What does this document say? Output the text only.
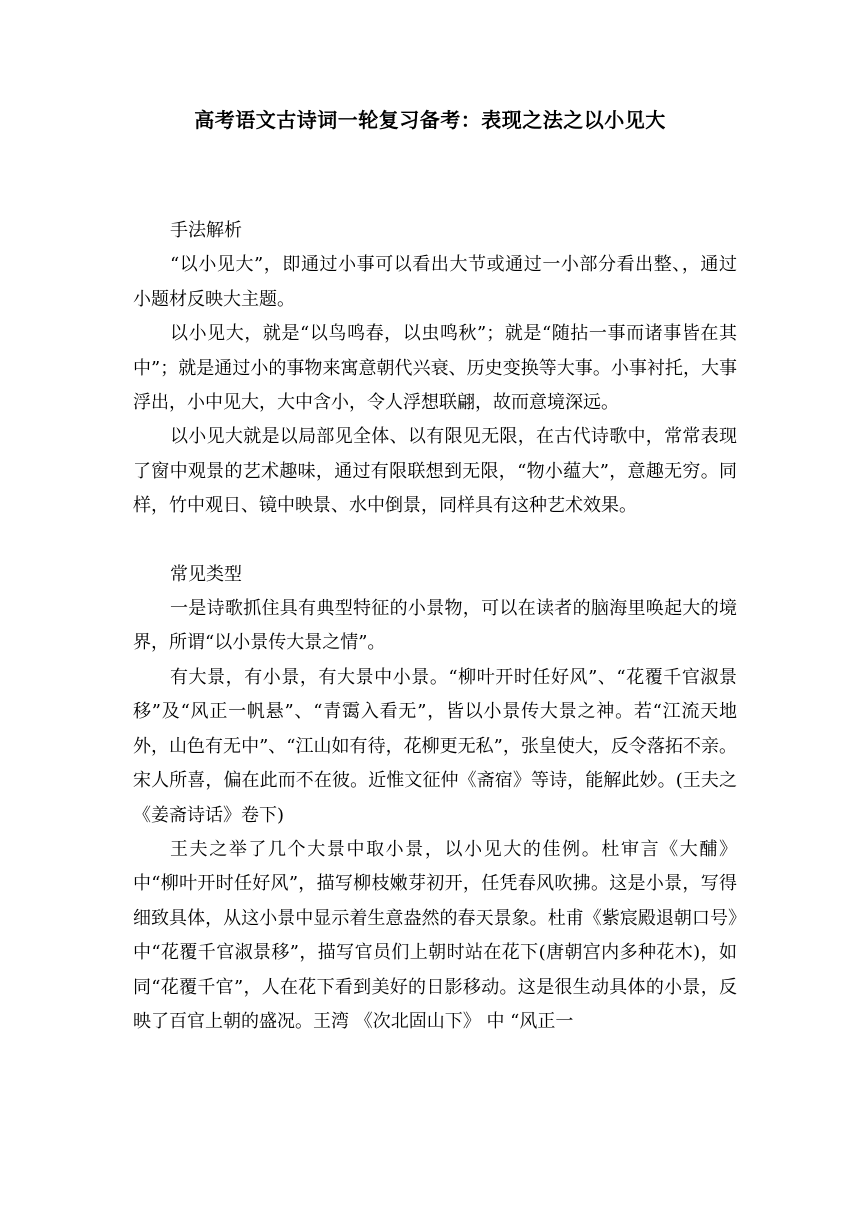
高考语文古诗词一轮复习备考：表现之法之以小见大

手法解析

“以小见大”，即通过小事可以看出大节或通过一小部分看出整、，通过小题材反映大主题。

以小见大，就是“以鸟鸣春，以虫鸣秋”；就是“随拈一事而诸事皆在其中”；就是通过小的事物来寓意朝代兴衰、历史变换等大事。小事衬托，大事浮出，小中见大，大中含小，令人浮想联翩，故而意境深远。

以小见大就是以局部见全体、以有限见无限，在古代诗歌中，常常表现了窗中观景的艺术趣味，通过有限联想到无限，“物小蕴大”，意趣无穷。同样，竹中观日、镜中映景、水中倒景，同样具有这种艺术效果。

常见类型

一是诗歌抓住具有典型特征的小景物，可以在读者的脑海里唤起大的境界，所谓“以小景传大景之情”。

有大景，有小景，有大景中小景。“柳叶开时任好风”、“花覆千官淑景移”及“风正一帆悬”、“青霭入看无”，皆以小景传大景之神。若“江流天地外，山色有无中”、“江山如有待，花柳更无私”，张皇使大，反令落拓不亲。宋人所喜，偏在此而不在彼。近惟文征仲《斋宿》等诗，能解此妙。(王夫之《姜斋诗话》卷下)

王夫之举了几个大景中取小景，以小见大的佳例。杜审言《大酺》中“柳叶开时任好风”，描写柳枝嫩芽初开，任凭春风吹拂。这是小景，写得细致具体，从这小景中显示着生意盎然的春天景象。杜甫《紫宸殿退朝口号》中“花覆千官淑景移”，描写官员们上朝时站在花下(唐朝宫内多种花木)，如同“花覆千官”，人在花下看到美好的日影移动。这是很生动具体的小景，反映了百官上朝的盛况。王湾 《次北固山下》 中 “风正一
